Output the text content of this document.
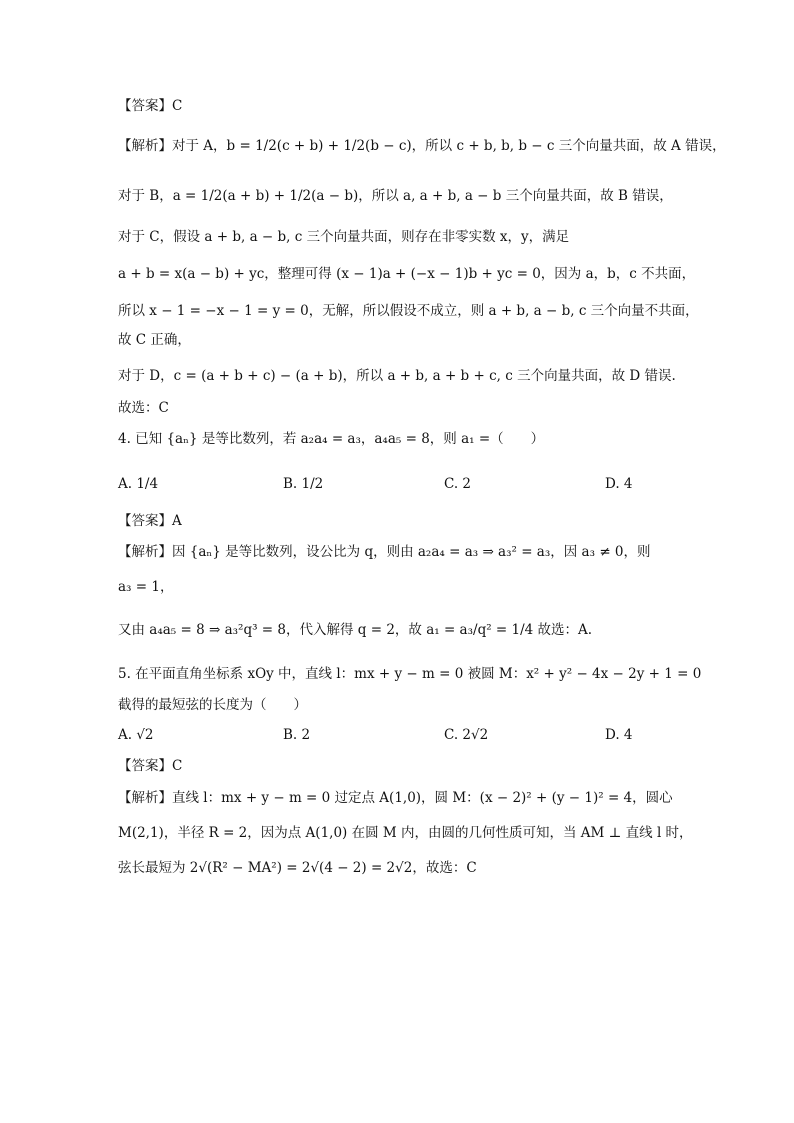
【答案】C
【解析】对于 A，b = 1/2(c + b) + 1/2(b − c)，所以 c + b, b, b − c 三个向量共面，故 A 错误，
对于 B，a = 1/2(a + b) + 1/2(a − b)，所以 a, a + b, a − b 三个向量共面，故 B 错误，
对于 C，假设 a + b, a − b, c 三个向量共面，则存在非零实数 x，y，满足
a + b = x(a − b) + yc，整理可得 (x − 1)a + (−x − 1)b + yc = 0，因为 a，b，c 不共面，
所以 x − 1 = −x − 1 = y = 0，无解，所以假设不成立，则 a + b, a − b, c 三个向量不共面，
故 C 正确，
对于 D，c = (a + b + c) − (a + b)，所以 a + b, a + b + c, c 三个向量共面，故 D 错误.
故选：C
4. 已知 {aₙ} 是等比数列，若 a₂a₄ = a₃，a₄a₅ = 8，则 a₁ =（　　）
A. 1/4	B. 1/2	C. 2	D. 4
【答案】A
【解析】因 {aₙ} 是等比数列，设公比为 q，则由 a₂a₄ = a₃ ⇒ a₃² = a₃，因 a₃ ≠ 0，则
a₃ = 1，
又由 a₄a₅ = 8 ⇒ a₃²q³ = 8，代入解得 q = 2，故 a₁ = a₃/q² = 1/4 故选：A.
5. 在平面直角坐标系 xOy 中，直线 l：mx + y − m = 0 被圆 M：x² + y² − 4x − 2y + 1 = 0
截得的最短弦的长度为（　　）
A. √2	B. 2	C. 2√2	D. 4
【答案】C
【解析】直线 l：mx + y − m = 0 过定点 A(1,0)，圆 M：(x − 2)² + (y − 1)² = 4，圆心
M(2,1)，半径 R = 2，因为点 A(1,0) 在圆 M 内，由圆的几何性质可知，当 AM ⊥ 直线 l 时，
弦长最短为 2√(R² − MA²) = 2√(4 − 2) = 2√2，故选：C
